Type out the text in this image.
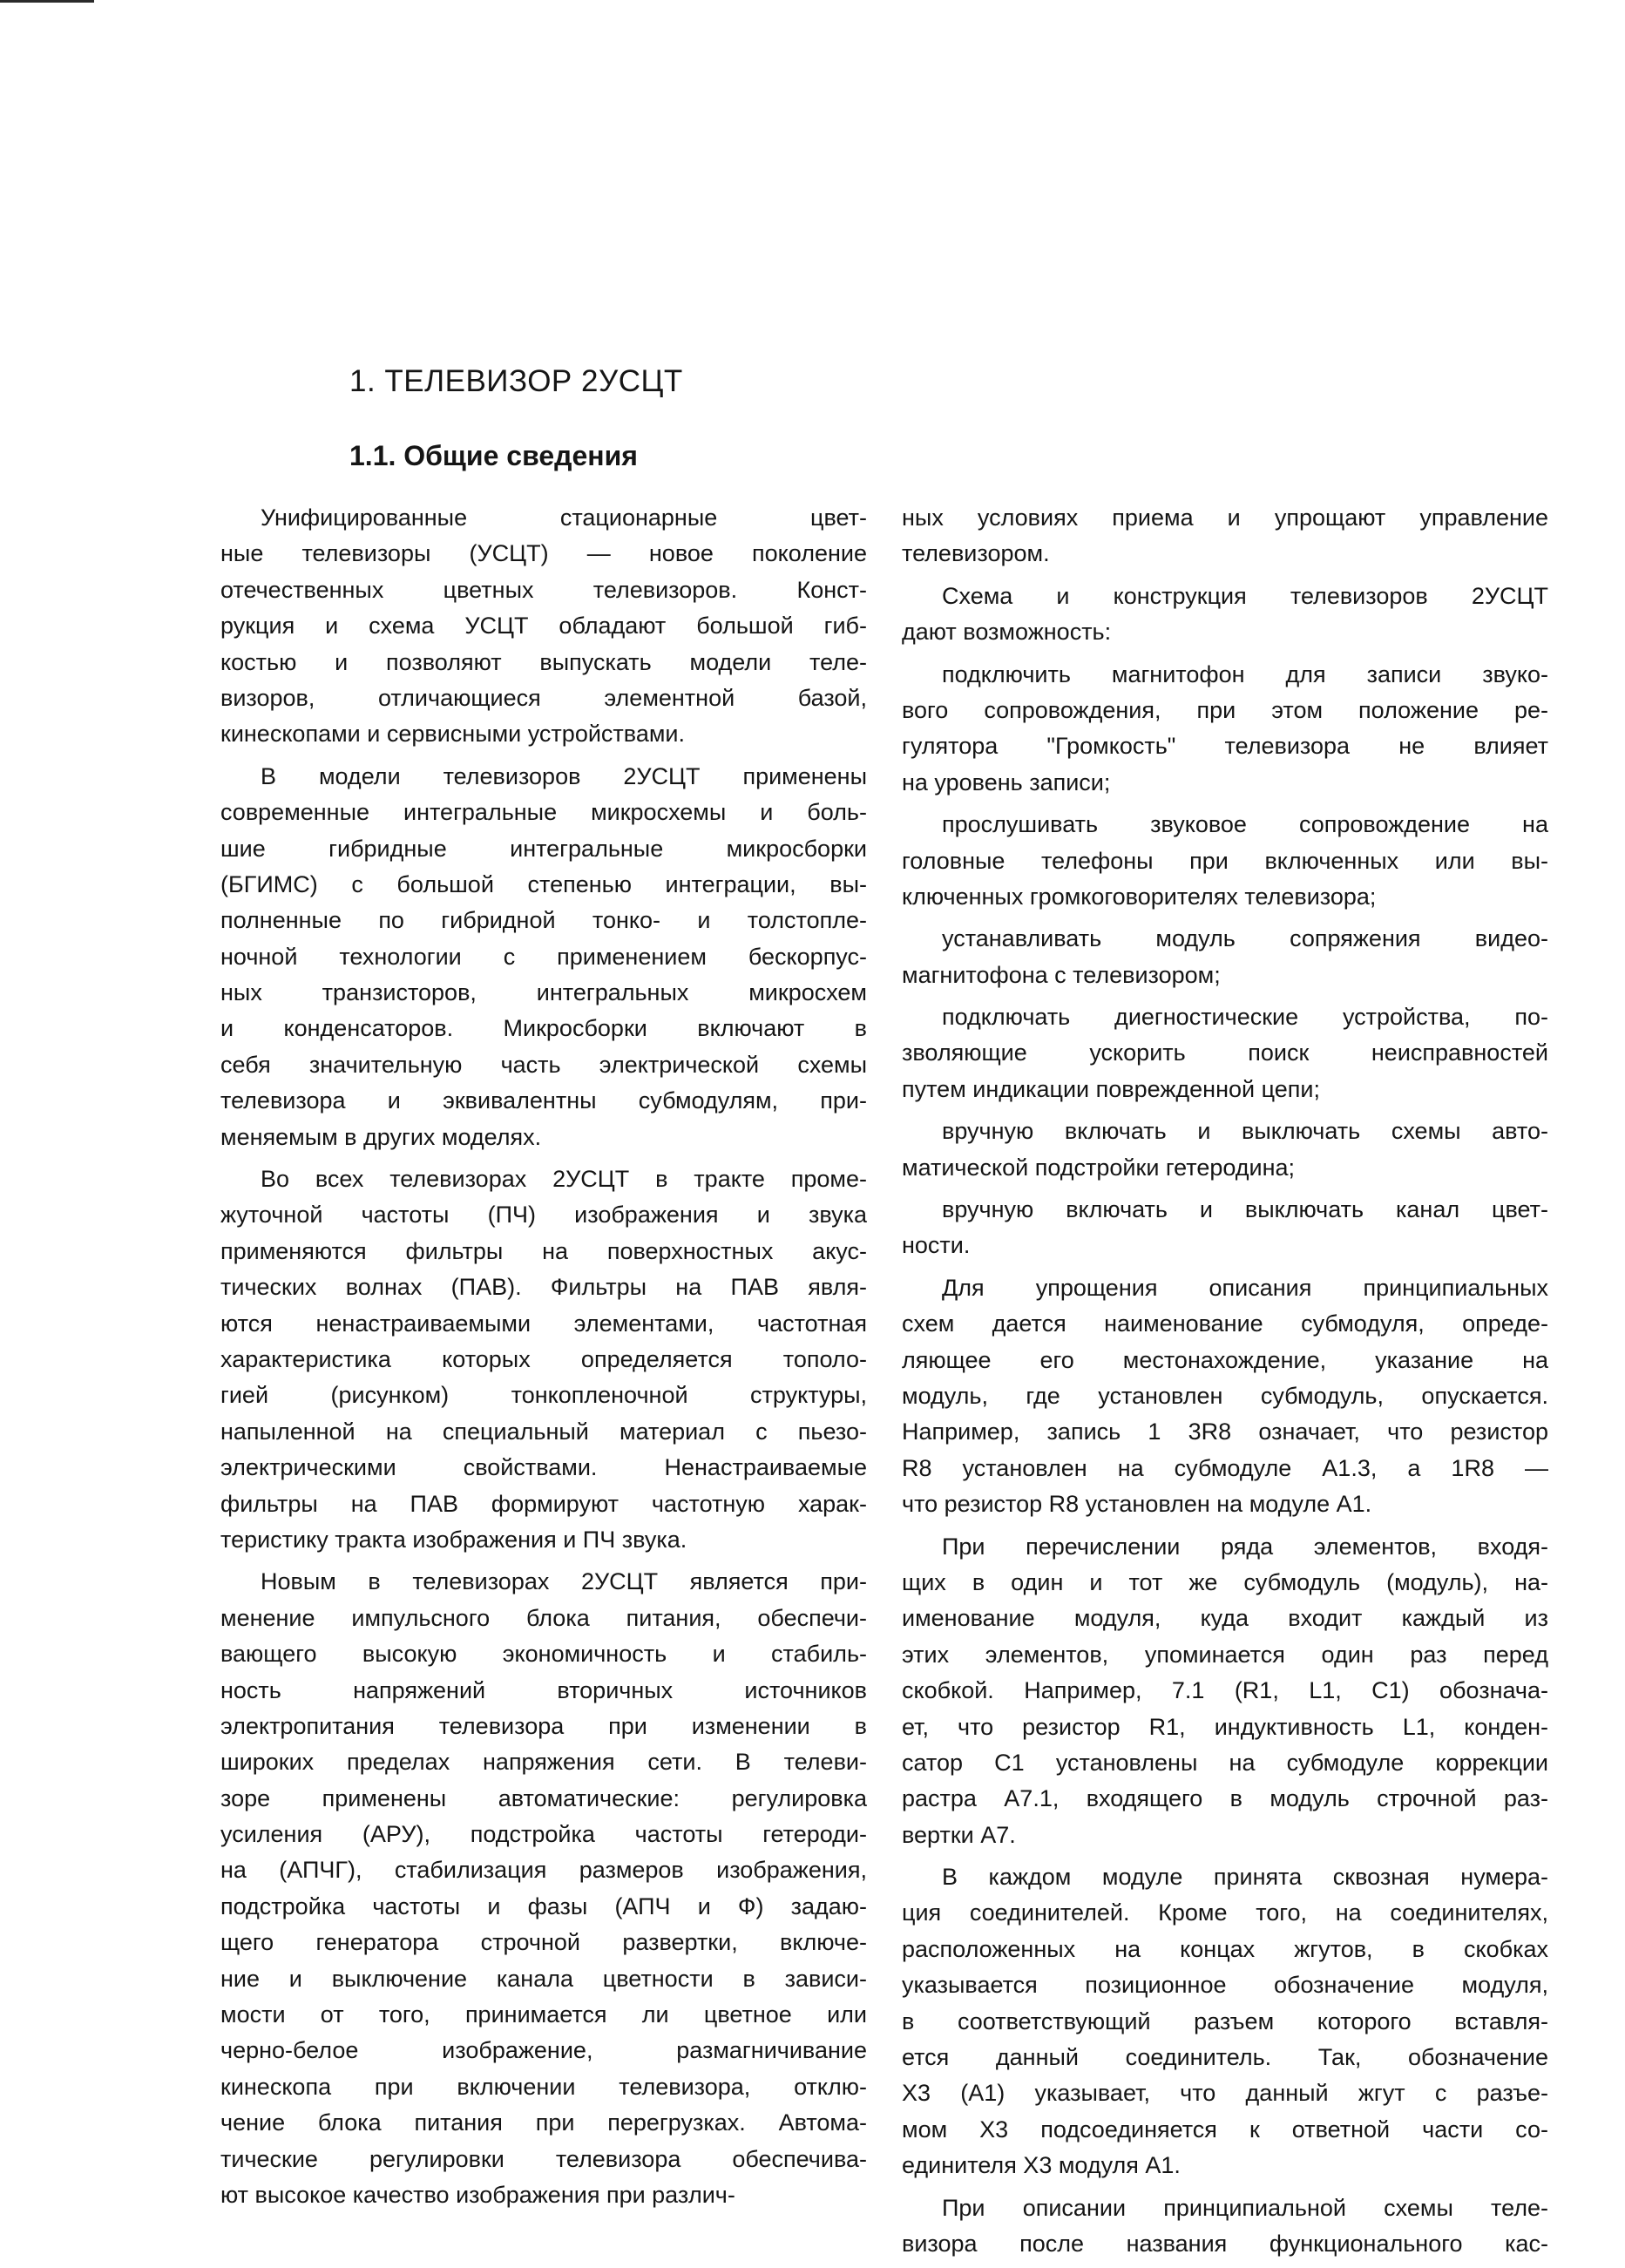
1. ТЕЛЕВИЗОР 2УСЦТ
1.1. Общие сведения

Унифицированные стационарные цвет-
ные телевизоры (УСЦТ) — новое поколение
отечественных цветных телевизоров. Конст-
рукция и схема УСЦТ обладают большой гиб-
костью и позволяют выпускать модели теле-
визоров, отличающиеся элементной базой,
кинескопами и сервисными устройствами.

В модели телевизоров 2УСЦТ применены
современные интегральные микросхемы и боль-
шие гибридные интегральные микросборки
(БГИМС) с большой степенью интеграции, вы-
полненные по гибридной тонко- и толстопле-
ночной технологии с применением бескорпус-
ных транзисторов, интегральных микросхем
и конденсаторов. Микросборки включают в
себя значительную часть электрической схемы
телевизора и эквивалентны субмодулям, при-
меняемым в других моделях.

Во всех телевизорах 2УСЦТ в тракте проме-
жуточной частоты (ПЧ) изображения и звука
применяются фильтры на поверхностных акус-
тических волнах (ПАВ). Фильтры на ПАВ явля-
ются ненастраиваемыми элементами, частотная
характеристика которых определяется тополо-
гией (рисунком) тонкопленочной структуры,
напыленной на специальный материал с пьезо-
электрическими свойствами. Ненастраиваемые
фильтры на ПАВ формируют частотную харак-
теристику тракта изображения и ПЧ звука.

Новым в телевизорах 2УСЦТ является при-
менение импульсного блока питания, обеспечи-
вающего высокую экономичность и стабиль-
ность напряжений вторичных источников
электропитания телевизора при изменении в
широких пределах напряжения сети. В телеви-
зоре применены автоматические: регулировка
усиления (АРУ), подстройка частоты гетероди-
на (АПЧГ), стабилизация размеров изображения,
подстройка частоты и фазы (АПЧ и Ф) задаю-
щего генератора строчной развертки, включе-
ние и выключение канала цветности в зависи-
мости от того, принимается ли цветное или
черно-белое изображение, размагничивание
кинескопа при включении телевизора, отклю-
чение блока питания при перегрузках. Автома-
тические регулировки телевизора обеспечива-
ют высокое качество изображения при различ-

ных условиях приема и упрощают управление
телевизором.

Схема и конструкция телевизоров 2УСЦТ
дают возможность:

подключить магнитофон для записи звуко-
вого сопровождения, при этом положение ре-
гулятора "Громкость" телевизора не влияет
на уровень записи;

прослушивать звуковое сопровождение на
головные телефоны при включенных или вы-
ключенных громкоговорителях телевизора;

устанавливать модуль сопряжения видео-
магнитофона с телевизором;

подключать диегностические устройства, по-
зволяющие ускорить поиск неисправностей
путем индикации поврежденной цепи;

вручную включать и выключать схемы авто-
матической подстройки гетеродина;

вручную включать и выключать канал цвет-
ности.

Для упрощения описания принципиальных
схем дается наименование субмодуля, опреде-
ляющее его местонахождение, указание на
модуль, где установлен субмодуль, опускается.
Например, запись 1 3R8 означает, что резистор
R8 установлен на субмодуле А1.3, а 1R8 —
что резистор R8 установлен на модуле А1.

При перечислении ряда элементов, входя-
щих в один и тот же субмодуль (модуль), на-
именование модуля, куда входит каждый из
этих элементов, упоминается один раз перед
скобкой. Например, 7.1 (R1, L1, C1) обознача-
ет, что резистор R1, индуктивность L1, конден-
сатор С1 установлены на субмодуле коррекции
растра А7.1, входящего в модуль строчной раз-
вертки А7.

В каждом модуле принята сквозная нумера-
ция соединителей. Кроме того, на соединителях,
расположенных на концах жгутов, в скобках
указывается позиционное обозначение модуля,
в соответствующий разъем которого вставля-
ется данный соединитель. Так, обозначение
Х3 (А1) указывает, что данный жгут с разъе-
мом Х3 подсоединяется к ответной части со-
единителя Х3 модуля А1.

При описании принципиальной схемы теле-
визора после названия функционального кас-
